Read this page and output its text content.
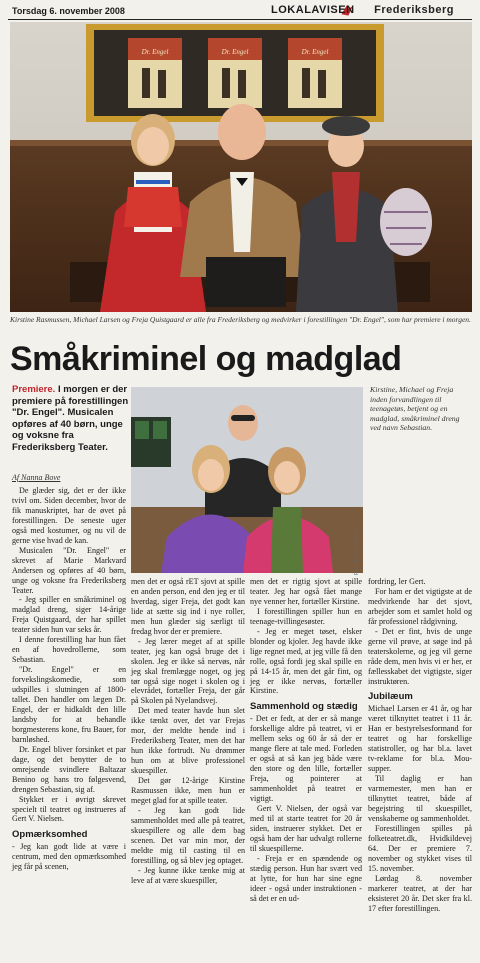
Torsdag 6. november 2008	LOKALAVISEN Frederiksberg
Dr. Engel	Dr. Engel	Dr. Engel
Kirstine Rasmussen, Michael Larsen og Freja Quistgaard er alle fra Frederiksberg og medvirker i forestillingen "Dr. Engel", som har premiere i morgen.
Småkriminel og madglad
Premiere. I morgen er der premiere på forestillingen "Dr. Engel". Musicalen opføres af 40 børn, unge og voksne fra Frederiksberg Teater.
Af Nanna Bove
Foto: Rose J. Jakob
Kirstine, Michael og Freja inden forvandlingen til teenagetøs, betjent og en madglad, småkriminel dreng ved navn Sebastian.

De glæder sig, det er der ikke tvivl om. Siden december, hvor de fik manuskriptet, har de øvet på forestillingen. De seneste uger også med kostumer, og nu vil de gerne vise hvad de kan.

Musicalen "Dr. Engel" er skrevet af Marie Markvard Andersen og opføres af 40 børn, unge og voksne fra Frederiksberg Teater.

- Jeg spiller en småkriminel og madglad dreng, siger 14-årige Freja Quistgaard, der har spillet teater siden hun var seks år.

I denne forestilling har hun fået en af hovedrollerne, som Sebastian.

"Dr. Engel" er en forvekslingskomedie, som udspilles i slutningen af 1800-tallet. Den handler om lægen Dr. Engel, der er hidkaldt den lille landsby for at behandle borgmesterens kone, fru Bauer, for barnløshed.

Dr. Engel bliver forsinket et par dage, og det benytter de to omrejsende svindlere Baltazar Benino og hans tro følgesvend, drengen Sebastian, sig af.

Stykket er i øvrigt skrevet specielt til teatret og instrueres af Gert V. Nielsen.

Opmærksomhed

- Jeg kan godt lide at være i centrum, med den opmærksomhed jeg får på scenen,

men det er også rET sjovt at spille en anden person, end den jeg er til hverdag, siger Freja, det godt kan lide at sætte sig ind i nye roller, men hun glæder sig særligt til fredag hvor der er premiere.

- Jeg lærer meget af at spille teater, jeg kan også bruge det i skolen. Jeg er ikke så nervøs, når jeg skal fremlægge noget, og jeg tør også sige noget i skolen og i elevrådet, fortæller Freja, der går på Skolen på Nyelandsvej.

Det med teater havde hun slet ikke tænkt over, det var Frejas mor, der meldte hende ind i Frederiksberg Teater, men det har hun ikke fortrudt. Nu drømmer hun om at blive professionel skuespiller.

Det gør 12-årige Kirstine Rasmussen ikke, men hun er meget glad for at spille teater.

- Jeg kan godt lide sammenholdet med alle på teatret, skuespillere og alle dem bag scenen. Det var min mor, der meldte mig til casting til en forestilling, og så blev jeg optaget.

- Jeg kunne ikke tænke mig at leve af at være skuespiller,

men det er rigtig sjovt at spille teater. Jeg har også fået mange nye venner her, fortæller Kirstine.

I forestillingen spiller hun en teenage-tvillingesøster.

- Jeg er meget tøset, elsker blonder og kjoler. Jeg havde ikke lige regnet med, at jeg ville få den rolle, også fordi jeg skal spille en på 14-15 år, men det går fint, og jeg er ikke nervøs, fortæller Kirstine.

Sammenhold og stædig

- Det er fedt, at der er så mange forskellige aldre på teatret, vi er mellem seks og 60 år så der er mange flere at tale med. Forleden er også at så kan jeg både være den store og den lille, fortæller Freja, og pointerer at sammenholdet på teatret er vigtigt.

Gert V. Nielsen, der også var med til at starte teatret for 20 år siden, instruerer stykket. Det er også ham der har udvalgt rollerne til skuespillerne.

- Freja er en spændende og stædig person. Hun har svært ved at lytte, for hun har sine egne ideer - også under instruktionen - så det er en ud-

fordring, ler Gert.

For ham er det vigtigste at de medvirkende har det sjovt, arbejder som et samlet hold og får professionel rådgivning.

- Det er fint, hvis de unge gerne vil prøve, at søge ind på teaterskolerne, og jeg vil gerne råde dem, men hvis vi er her, er fællesskabet det vigtigste, siger instruktøren.

Jubilæum

Michael Larsen er 41 år, og har været tilknyttet teatret i 11 år. Han er bestyrelsesformand for teatret og har forskellige statistroller, og har bl.a. lavet tv-reklame for bl.a. Mou-supper.

Til daglig er han varmemester, men han er tilknyttet teatret, både af begejstring til skuespillet, venskaberne og sammenholdet.

Forestillingen spilles på folketeatret.dk, Hvidkildevej 64. Der er premiere 7. november og stykket vises til 15. november.

Lørdag 8. november markerer teatret, at der har eksisteret 20 år. Det sker fra kl. 17 efter forestillingen.
